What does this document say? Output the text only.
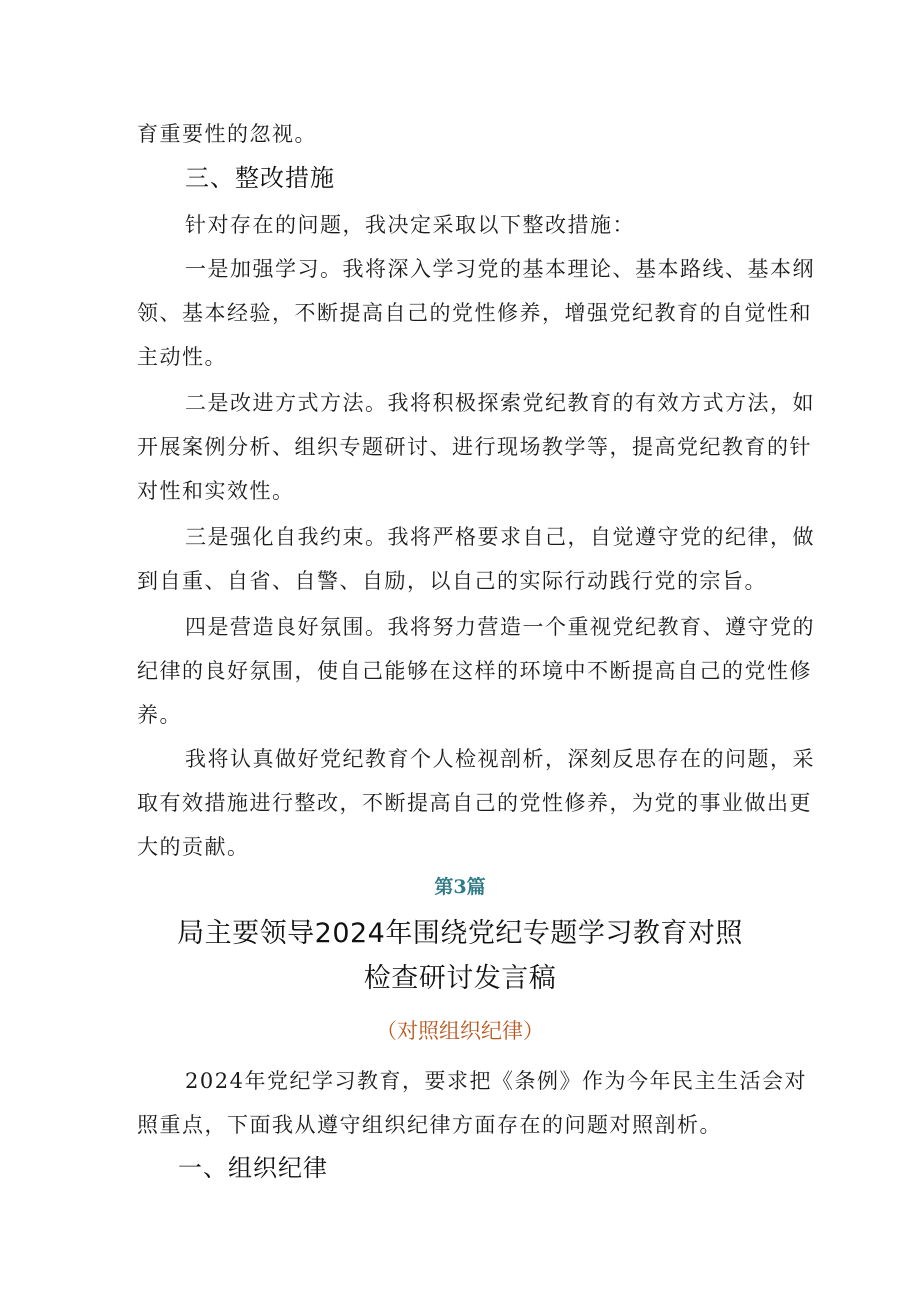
育重要性的忽视。
三、整改措施
针对存在的问题，我决定采取以下整改措施：
一是加强学习。我将深入学习党的基本理论、基本路线、基本纲
领、基本经验，不断提高自己的党性修养，增强党纪教育的自觉性和
主动性。
二是改进方式方法。我将积极探索党纪教育的有效方式方法，如
开展案例分析、组织专题研讨、进行现场教学等，提高党纪教育的针
对性和实效性。
三是强化自我约束。我将严格要求自己，自觉遵守党的纪律，做
到自重、自省、自警、自励，以自己的实际行动践行党的宗旨。
四是营造良好氛围。我将努力营造一个重视党纪教育、遵守党的
纪律的良好氛围，使自己能够在这样的环境中不断提高自己的党性修
养。
我将认真做好党纪教育个人检视剖析，深刻反思存在的问题，采
取有效措施进行整改，不断提高自己的党性修养，为党的事业做出更
大的贡献。
第3篇
局主要领导2024年围绕党纪专题学习教育对照
检查研讨发言稿
（对照组织纪律）
2024年党纪学习教育，要求把《条例》作为今年民主生活会对
照重点，下面我从遵守组织纪律方面存在的问题对照剖析。
一、组织纪律
